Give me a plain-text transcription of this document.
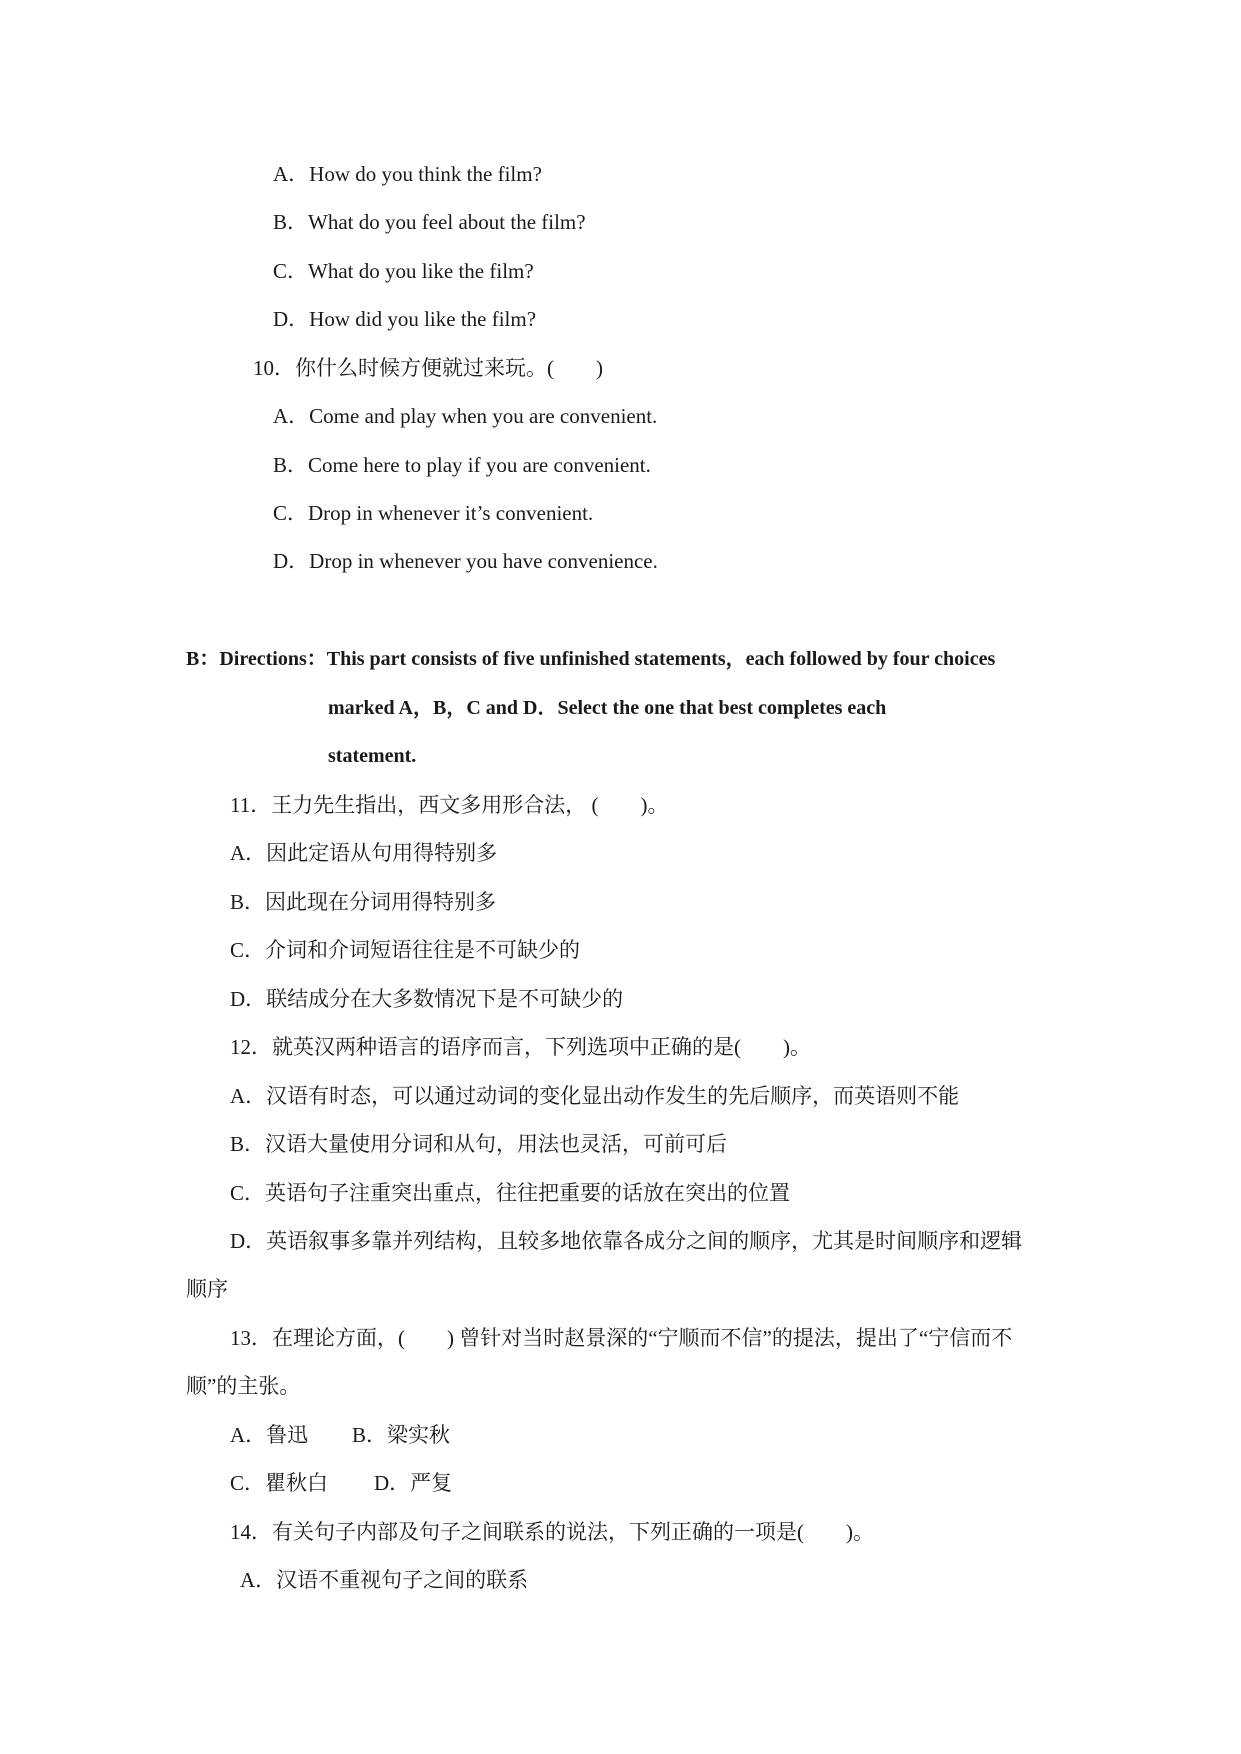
A．How do you think the film?
B．What do you feel about the film?
C．What do you like the film?
D．How did you like the film?
10．你什么时候方便就过来玩。(　　)
A．Come and play when you are convenient.
B．Come here to play if you are convenient.
C．Drop in whenever it’s convenient.
D．Drop in whenever you have convenience.
B：Directions：This part consists of five unfinished statements，each followed by four choices
marked A，B，C and D．Select the one that best completes each
statement.
11．王力先生指出，西文多用形合法， (　　)。
A．因此定语从句用得特别多
B．因此现在分词用得特别多
C．介词和介词短语往往是不可缺少的
D．联结成分在大多数情况下是不可缺少的
12．就英汉两种语言的语序而言，下列选项中正确的是(　　)。
A．汉语有时态，可以通过动词的变化显出动作发生的先后顺序，而英语则不能
B．汉语大量使用分词和从句，用法也灵活，可前可后
C．英语句子注重突出重点，往往把重要的话放在突出的位置
D．英语叙事多靠并列结构，且较多地依靠各成分之间的顺序，尤其是时间顺序和逻辑
顺序
13．在理论方面，(　　) 曾针对当时赵景深的“宁顺而不信”的提法，提出了“宁信而不
顺”的主张。
A．鲁迅 B．梁实秋
C．瞿秋白 D．严复
14．有关句子内部及句子之间联系的说法，下列正确的一项是(　　)。
A．汉语不重视句子之间的联系
